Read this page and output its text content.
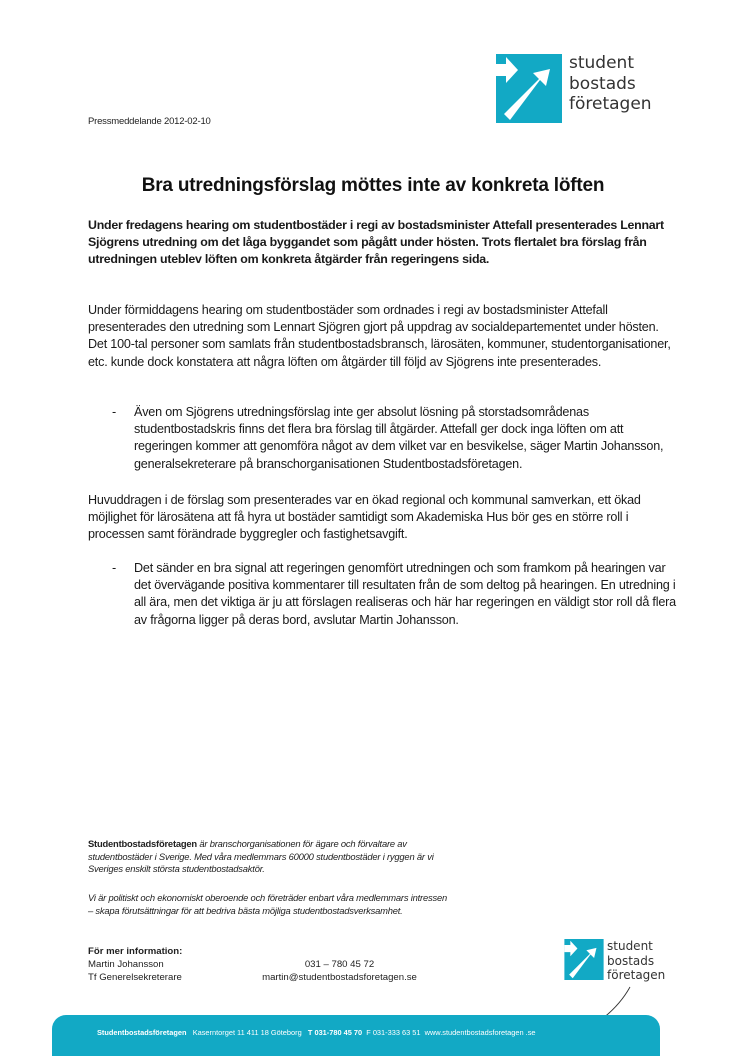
student
bostads
företagen
Pressmeddelande 2012-02-10
Bra utredningsförslag möttes inte av konkreta löften
Under fredagens hearing om studentbostäder i regi av bostadsminister Attefall presenterades Lennart Sjögrens utredning om det låga byggandet som pågått under hösten. Trots flertalet bra förslag från utredningen uteblev löften om konkreta åtgärder från regeringens sida.
Under förmiddagens hearing om studentbostäder som ordnades i regi av bostadsminister Attefall presenterades den utredning som Lennart Sjögren gjort på uppdrag av socialdepartementet under hösten. Det 100-tal personer som samlats från studentbostadsbransch, lärosäten, kommuner, studentorganisationer, etc. kunde dock konstatera att några löften om åtgärder till följd av Sjögrens inte presenterades.
- Även om Sjögrens utredningsförslag inte ger absolut lösning på storstadsområdenas studentbostadskris finns det flera bra förslag till åtgärder. Attefall ger dock inga löften om att regeringen kommer att genomföra något av dem vilket var en besvikelse, säger Martin Johansson, generalsekreterare på branschorganisationen Studentbostadsföretagen.
Huvuddragen i de förslag som presenterades var en ökad regional och kommunal samverkan, ett ökad möjlighet för lärosätena att få hyra ut bostäder samtidigt som Akademiska Hus bör ges en större roll i processen samt förändrade byggregler och fastighetsavgift.
- Det sänder en bra signal att regeringen genomfört utredningen och som framkom på hearingen var det övervägande positiva kommentarer till resultaten från de som deltog på hearingen. En utredning i all ära, men det viktiga är ju att förslagen realiseras och här har regeringen en väldigt stor roll då flera av frågorna ligger på deras bord, avslutar Martin Johansson.
Studentbostadsföretagen är branschorganisationen för ägare och förvaltare av studentbostäder i Sverige. Med våra medlemmars 60000 studentbostäder i ryggen är vi Sveriges enskilt största studentbostadsaktör.
Vi är politiskt och ekonomiskt oberoende och företräder enbart våra medlemmars intressen – skapa förutsättningar för att bedriva bästa möjliga studentbostadsverksamhet.
För mer information:
Martin Johansson
Tf Generelsekreterare
031 – 780 45 72
martin@studentbostadsforetagen.se
student
bostads
företagen
Studentbostadsföretagen Kaserntorget 11 411 18 Göteborg T 031-780 45 70 F 031-333 63 51 www.studentbostadsforetagen .se
